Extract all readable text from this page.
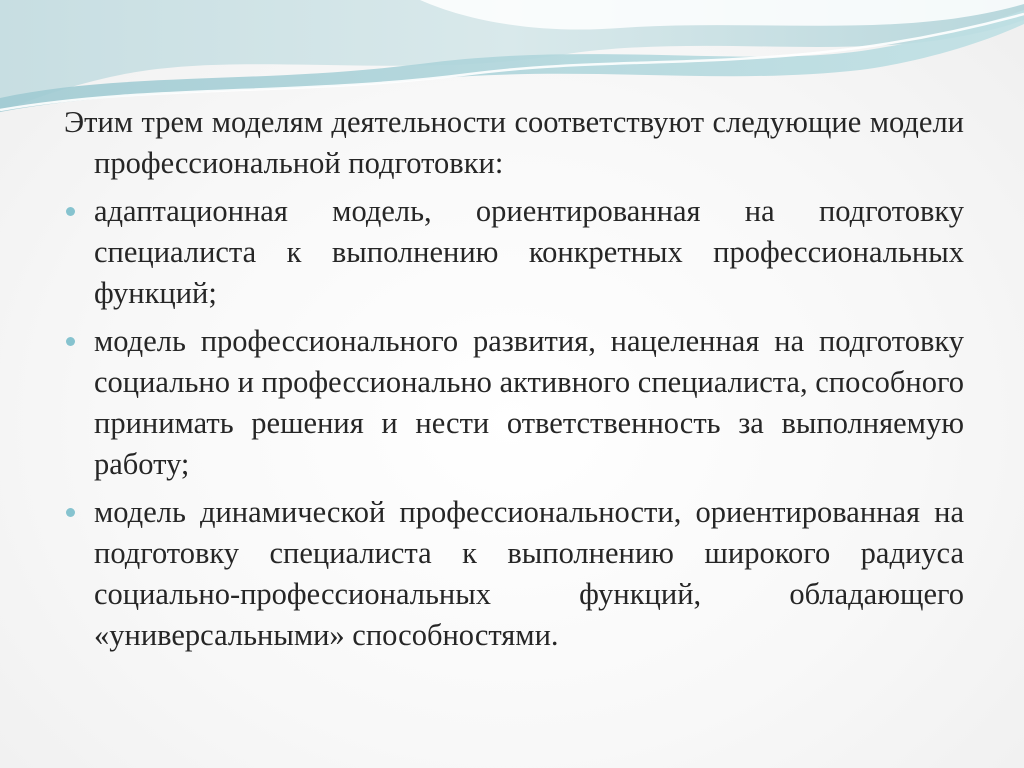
Этим трем моделям деятельности соответствуют следующие модели профессиональной подготовки:

адаптационная модель, ориентированная на подготовку специалиста к выполнению конкретных профессиональных функций;
модель профессионального развития, нацеленная на подготовку социально и профессионально активного специалиста, способного принимать решения и нести ответственность за выполняемую работу;
модель динамической профессиональности, ориентированная на подготовку специалиста к выполнению широкого радиуса социально-профессиональных функций, обладающего «универсальными» способностями.
